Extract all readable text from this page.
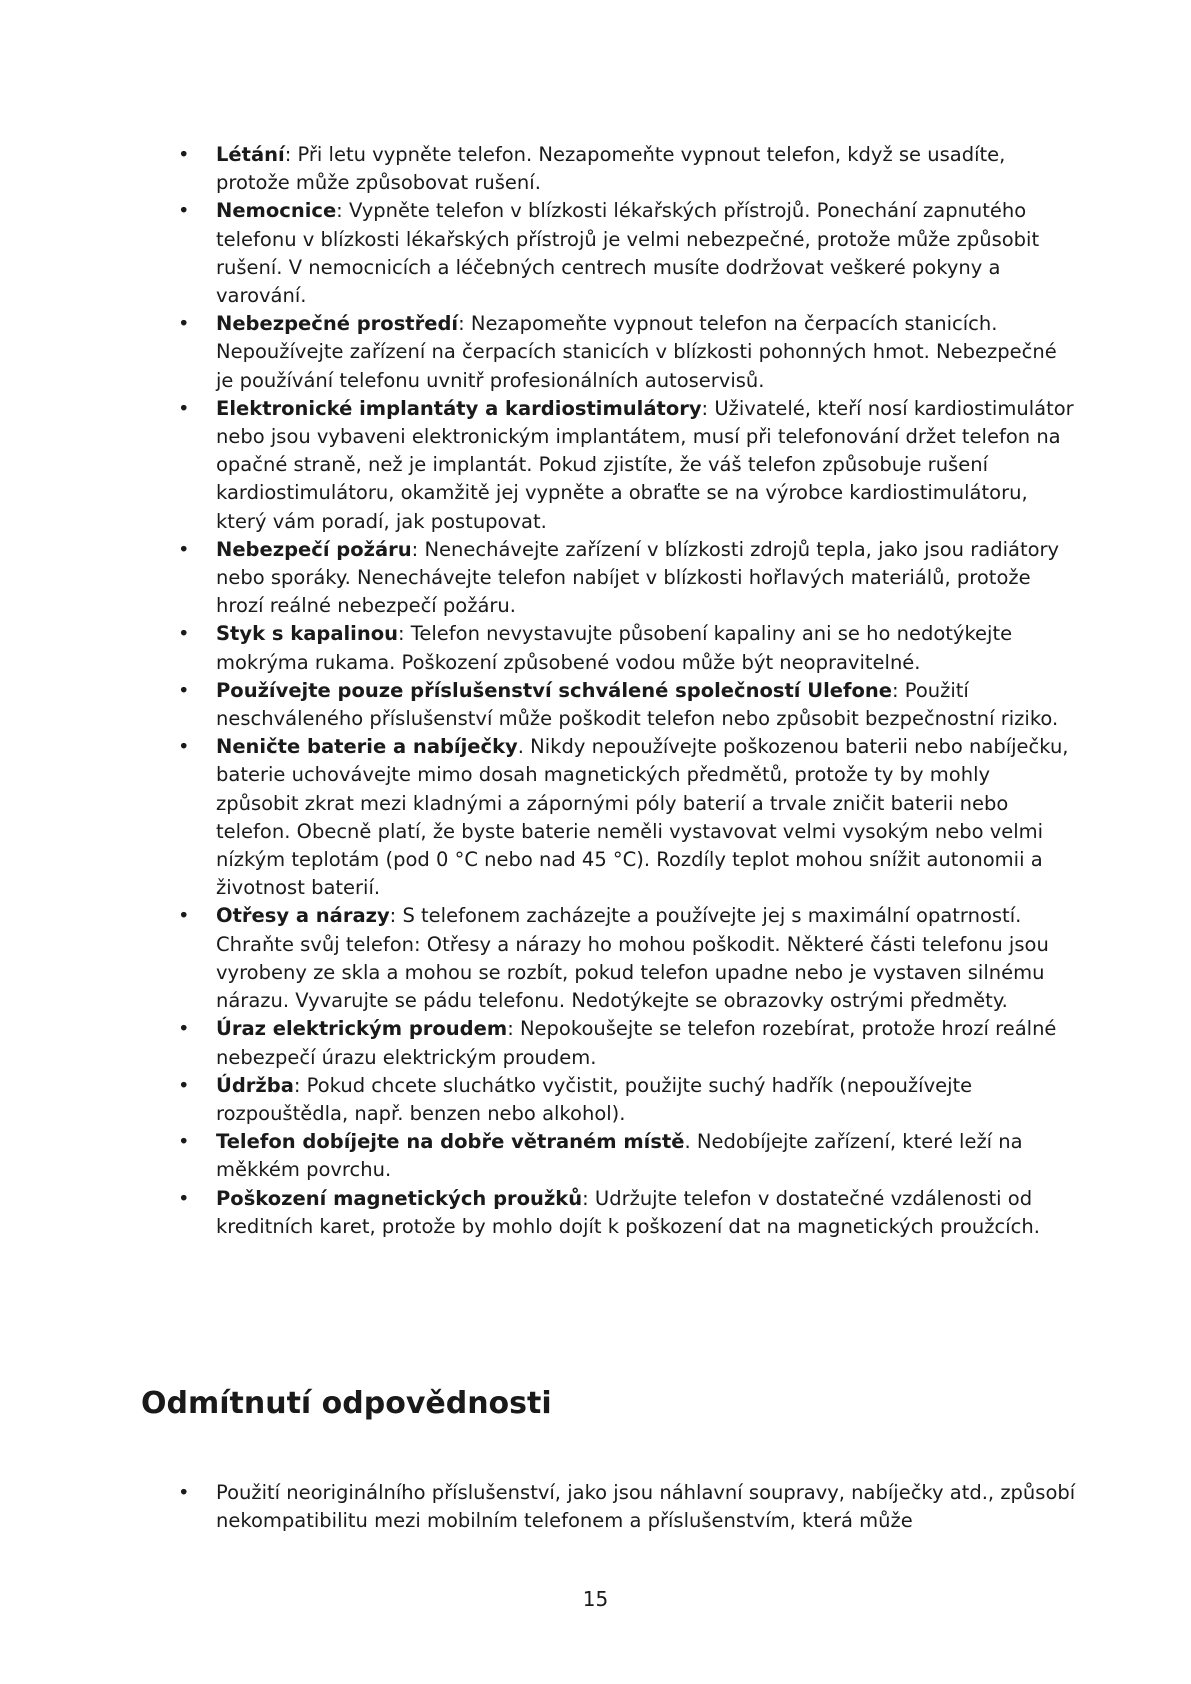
•	Létání: Při letu vypněte telefon. Nezapomeňte vypnout telefon, když se usadíte, protože může způsobovat rušení.
•	Nemocnice: Vypněte telefon v blízkosti lékařských přístrojů. Ponechání zapnutého telefonu v blízkosti lékařských přístrojů je velmi nebezpečné, protože může způsobit rušení. V nemocnicích a léčebných centrech musíte dodržovat veškeré pokyny a varování.
•	Nebezpečné prostředí: Nezapomeňte vypnout telefon na čerpacích stanicích. Nepoužívejte zařízení na čerpacích stanicích v blízkosti pohonných hmot. Nebezpečné je používání telefonu uvnitř profesionálních autoservisů.
•	Elektronické implantáty a kardiostimulátory: Uživatelé, kteří nosí kardiostimulátor nebo jsou vybaveni elektronickým implantátem, musí při telefonování držet telefon na opačné straně, než je implantát. Pokud zjistíte, že váš telefon způsobuje rušení kardiostimulátoru, okamžitě jej vypněte a obraťte se na výrobce kardiostimulátoru, který vám poradí, jak postupovat.
•	Nebezpečí požáru: Nenechávejte zařízení v blízkosti zdrojů tepla, jako jsou radiátory nebo sporáky. Nenechávejte telefon nabíjet v blízkosti hořlavých materiálů, protože hrozí reálné nebezpečí požáru.
•	Styk s kapalinou: Telefon nevystavujte působení kapaliny ani se ho nedotýkejte mokrýma rukama. Poškození způsobené vodou může být neopravitelné.
•	Používejte pouze příslušenství schválené společností Ulefone: Použití neschváleného příslušenství může poškodit telefon nebo způsobit bezpečnostní riziko.
•	Neničte baterie a nabíječky. Nikdy nepoužívejte poškozenou baterii nebo nabíječku, baterie uchovávejte mimo dosah magnetických předmětů, protože ty by mohly způsobit zkrat mezi kladnými a zápornými póly baterií a trvale zničit baterii nebo telefon. Obecně platí, že byste baterie neměli vystavovat velmi vysokým nebo velmi nízkým teplotám (pod 0 °C nebo nad 45 °C). Rozdíly teplot mohou snížit autonomii a životnost baterií.
•	Otřesy a nárazy: S telefonem zacházejte a používejte jej s maximální opatrností. Chraňte svůj telefon: Otřesy a nárazy ho mohou poškodit. Některé části telefonu jsou vyrobeny ze skla a mohou se rozbít, pokud telefon upadne nebo je vystaven silnému nárazu. Vyvarujte se pádu telefonu. Nedotýkejte se obrazovky ostrými předměty.
•	Úraz elektrickým proudem: Nepokoušejte se telefon rozebírat, protože hrozí reálné nebezpečí úrazu elektrickým proudem.
•	Údržba: Pokud chcete sluchátko vyčistit, použijte suchý hadřík (nepoužívejte rozpouštědla, např. benzen nebo alkohol).
•	Telefon dobíjejte na dobře větraném místě. Nedobíjejte zařízení, které leží na měkkém povrchu.
•	Poškození magnetických proužků: Udržujte telefon v dostatečné vzdálenosti od kreditních karet, protože by mohlo dojít k poškození dat na magnetických proužcích.
Odmítnutí odpovědnosti
•	Použití neoriginálního příslušenství, jako jsou náhlavní soupravy, nabíječky atd., způsobí nekompatibilitu mezi mobilním telefonem a příslušenstvím, která může
15
